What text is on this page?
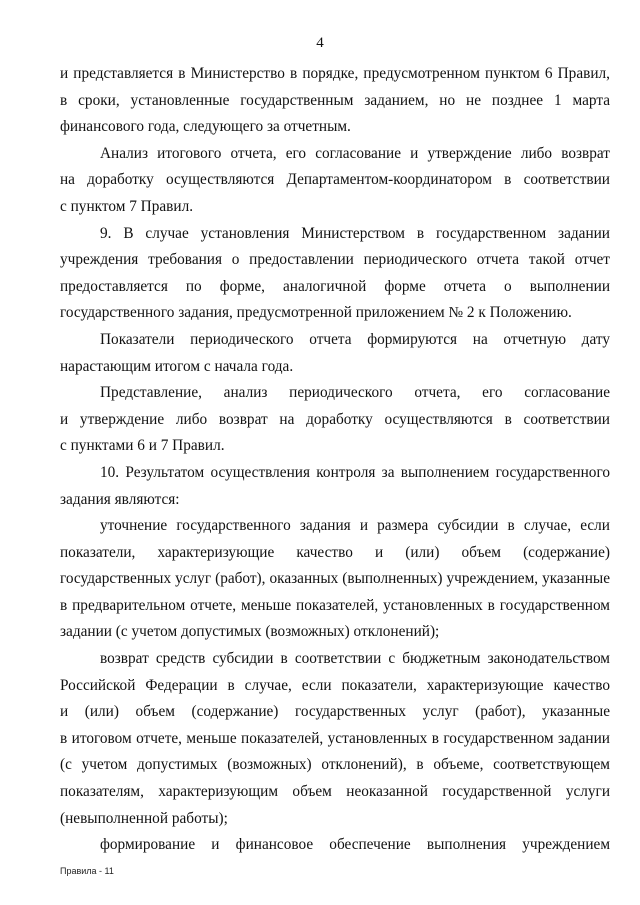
4

и представляется в Министерство в порядке, предусмотренном пунктом 6 Правил,
в сроки, установленные государственным заданием, но не позднее 1 марта
финансового года, следующего за отчетным.

Анализ итогового отчета, его согласование и утверждение либо возврат
на доработку осуществляются Департаментом-координатором в соответствии
с пунктом 7 Правил.

9. В случае установления Министерством в государственном задании
учреждения требования о предоставлении периодического отчета такой отчет
предоставляется по форме, аналогичной форме отчета о выполнении
государственного задания, предусмотренной приложением № 2 к Положению.

Показатели периодического отчета формируются на отчетную дату
нарастающим итогом с начала года.

Представление, анализ периодического отчета, его согласование
и утверждение либо возврат на доработку осуществляются в соответствии
с пунктами 6 и 7 Правил.

10. Результатом осуществления контроля за выполнением государственного
задания являются:

уточнение государственного задания и размера субсидии в случае, если
показатели, характеризующие качество и (или) объем (содержание)
государственных услуг (работ), оказанных (выполненных) учреждением, указанные
в предварительном отчете, меньше показателей, установленных в государственном
задании (с учетом допустимых (возможных) отклонений);

возврат средств субсидии в соответствии с бюджетным законодательством
Российской Федерации в случае, если показатели, характеризующие качество
и (или) объем (содержание) государственных услуг (работ), указанные
в итоговом отчете, меньше показателей, установленных в государственном задании
(с учетом допустимых (возможных) отклонений), в объеме, соответствующем
показателям, характеризующим объем неоказанной государственной услуги
(невыполненной работы);

формирование и финансовое обеспечение выполнения учреждением

Правила - 11
